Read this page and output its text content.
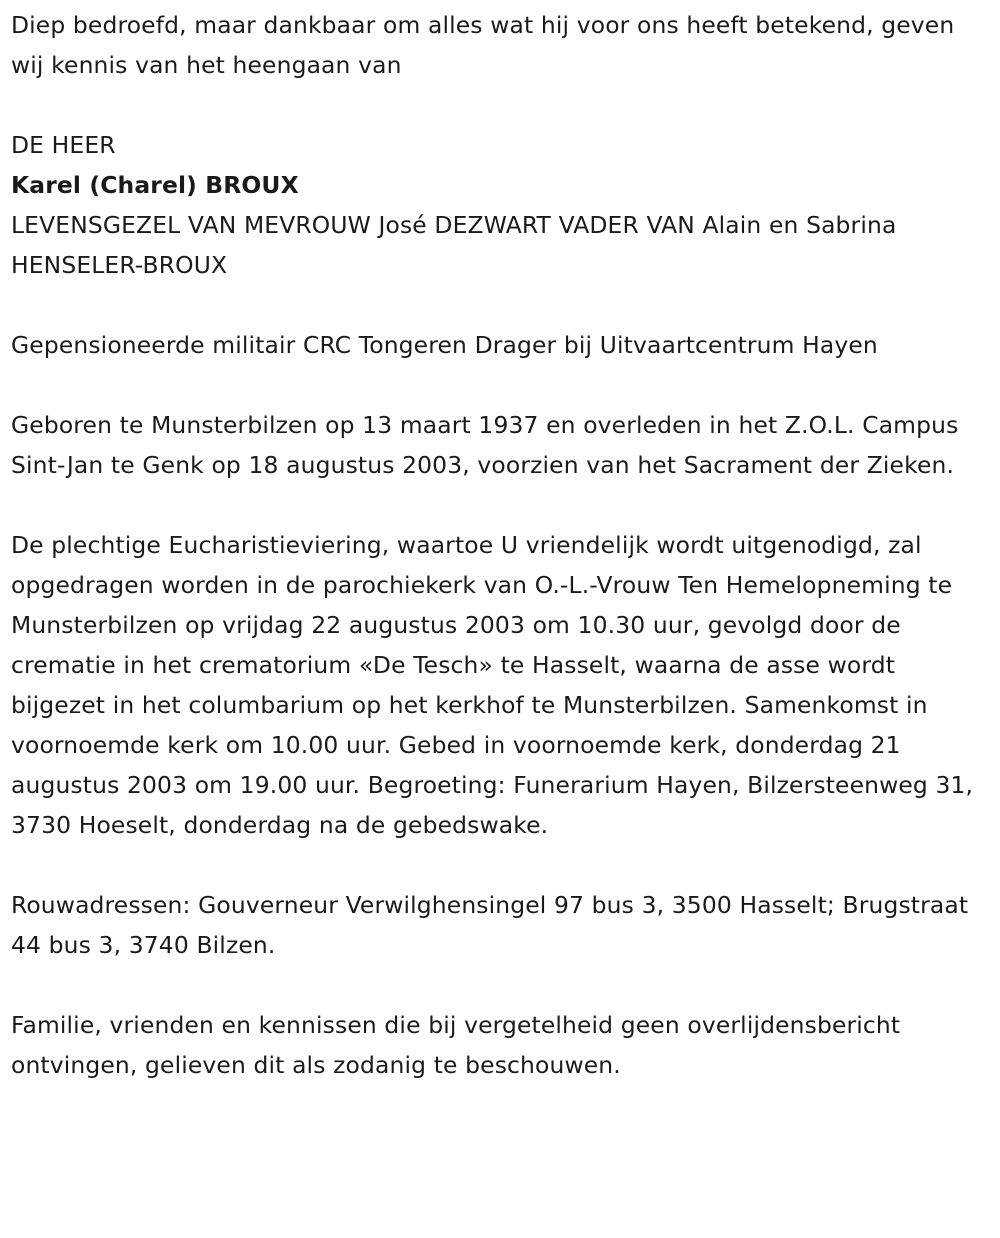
Diep bedroefd, maar dankbaar om alles wat hij voor ons heeft betekend, geven wij kennis van het heengaan van

DE HEER

Karel (Charel) BROUX

LEVENSGEZEL VAN MEVROUW José DEZWART VADER VAN Alain en Sabrina HENSELER-BROUX

Gepensioneerde militair CRC Tongeren Drager bij Uitvaartcentrum Hayen

Geboren te Munsterbilzen op 13 maart 1937 en overleden in het Z.O.L. Campus Sint-Jan te Genk op 18 augustus 2003, voorzien van het Sacrament der Zieken.

De plechtige Eucharistieviering, waartoe U vriendelijk wordt uitgenodigd, zal opgedragen worden in de parochiekerk van O.-L.-Vrouw Ten Hemelopneming te Munsterbilzen op vrijdag 22 augustus 2003 om 10.30 uur, gevolgd door de crematie in het crematorium «De Tesch» te Hasselt, waarna de asse wordt bijgezet in het columbarium op het kerkhof te Munsterbilzen. Samenkomst in voornoemde kerk om 10.00 uur. Gebed in voornoemde kerk, donderdag 21 augustus 2003 om 19.00 uur. Begroeting: Funerarium Hayen, Bilzersteenweg 31, 3730 Hoeselt, donderdag na de gebedswake.

Rouwadressen: Gouverneur Verwilghensingel 97 bus 3, 3500 Hasselt; Brugstraat 44 bus 3, 3740 Bilzen.

Familie, vrienden en kennissen die bij vergetelheid geen overlijdensbericht ontvingen, gelieven dit als zodanig te beschouwen.
